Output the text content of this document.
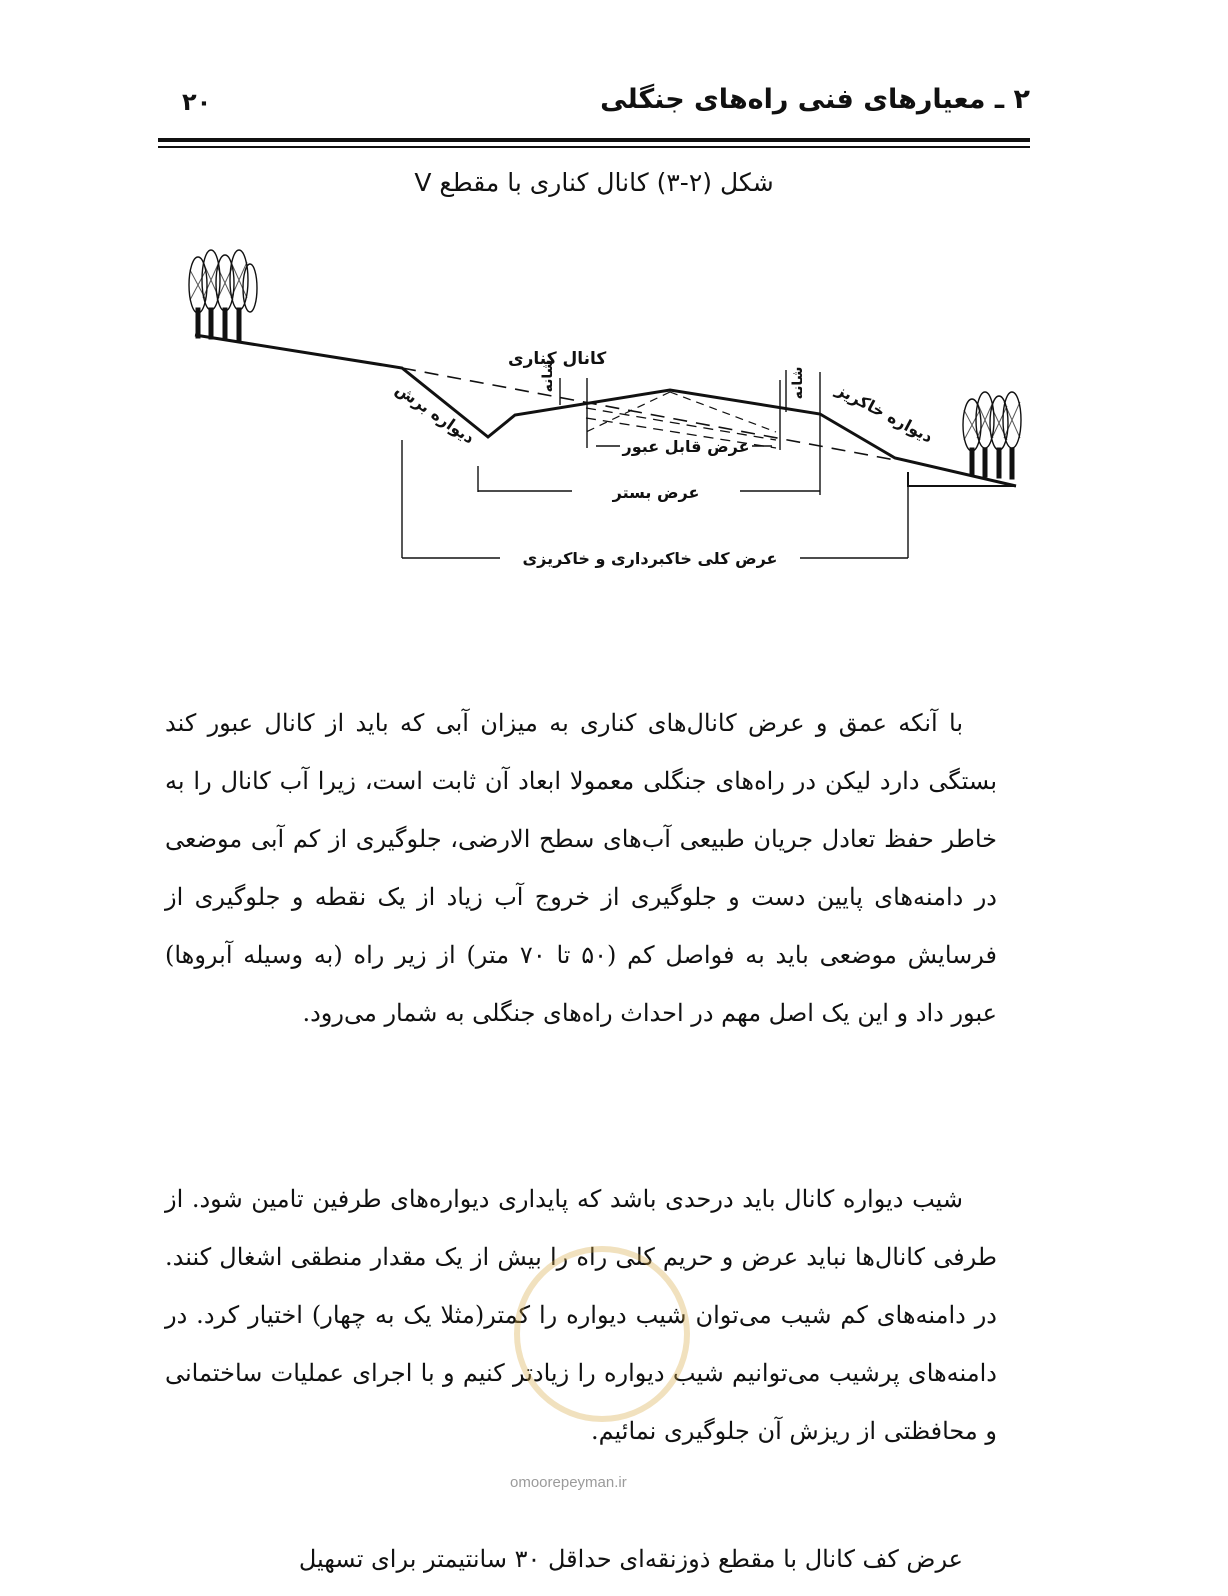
۲ ـ معیارهای فنی راه‌های جنگلی
۲۰
شکل (۲-۳) کانال کناری با مقطع V
کانال کناری
دیواره برش
شانه	شانه دیواره خاکریز
عرض قابل عبور
عرض بستر
عرض کلی خاکبرداری و خاکریزی

با آنکه عمق و عرض کانال‌های کناری به میزان آبی که باید از کانال عبور کند بستگی دارد لیکن در راه‌های جنگلی معمولا ابعاد آن ثابت است، زیرا آب کانال را به خاطر حفظ تعادل جریان طبیعی آب‌های سطح الارضی، جلوگیری از کم آبی موضعی در دامنه‌های پایین دست و جلوگیری از خروج آب زیاد از یک نقطه و جلوگیری از فرسایش موضعی باید به فواصل کم (۵۰ تا ۷۰ متر) از زیر راه (به وسیله آبروها) عبور داد و این یک اصل مهم در احداث راه‌های جنگلی به شمار می‌رود.

شیب دیواره کانال باید درحدی باشد که پایداری دیواره‌های طرفین تامین شود. از طرفی کانال‌ها نباید عرض و حریم کلی راه را بیش از یک مقدار منطقی اشغال کنند. در دامنه‌های کم شیب می‌توان شیب دیواره را کمتر(مثلا یک به چهار) اختیار کرد. در دامنه‌های پرشیب می‌توانیم شیب دیواره را زیادتر کنیم و با اجرای عملیات ساختمانی و محافظتی از ریزش آن جلوگیری نمائیم.

عرض کف کانال با مقطع ذوزنقه‌ای حداقل ۳۰ سانتیمتر برای تسهیل

omoorepeyman.ir
